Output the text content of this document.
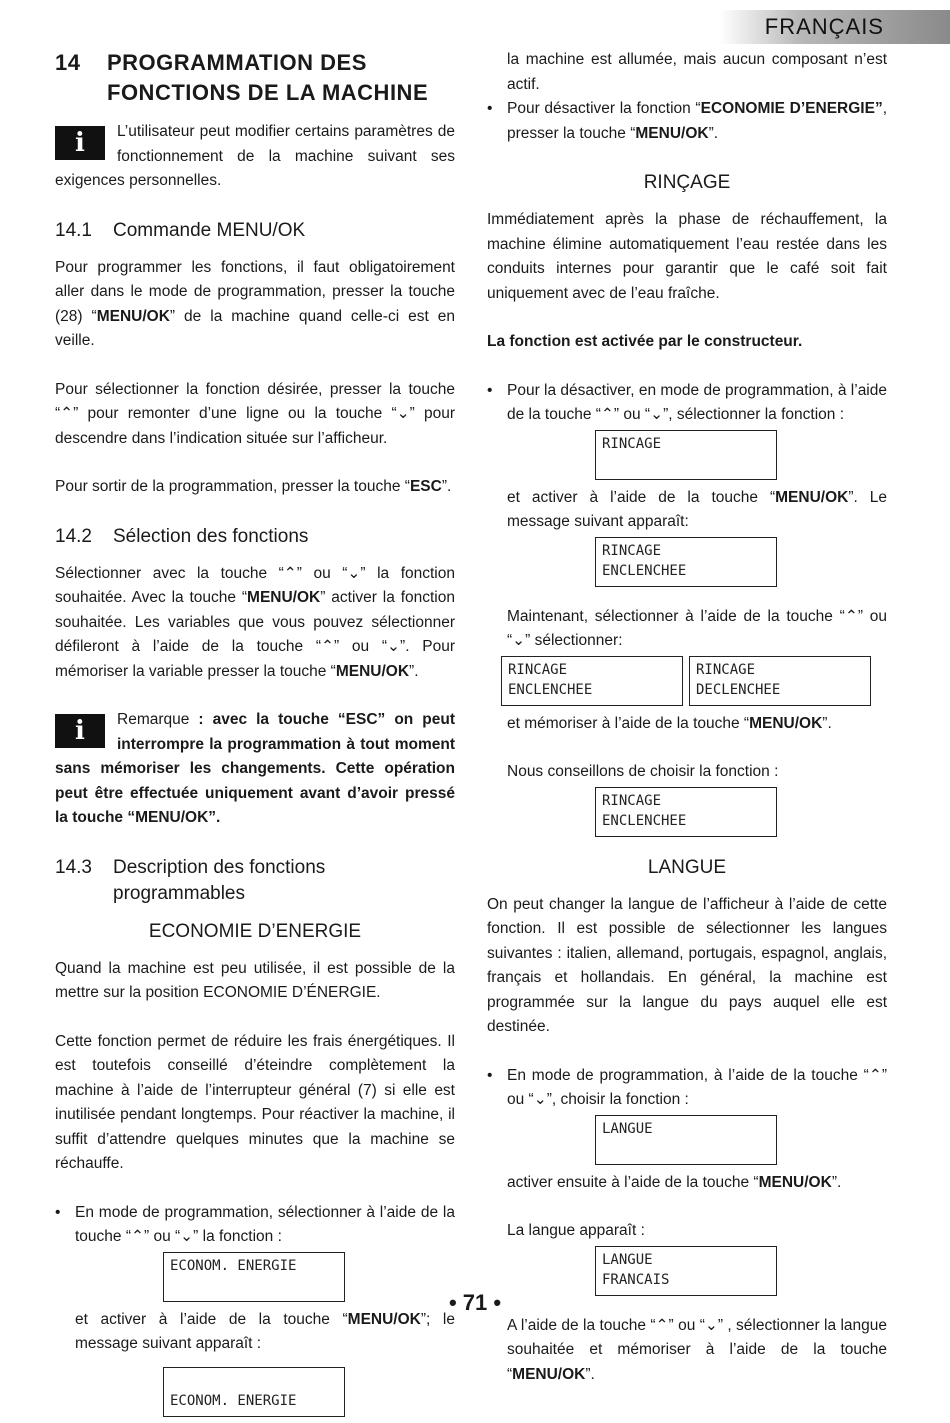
FRANÇAIS
14	PROGRAMMATION DES FONCTIONS DE LA MACHINE

i	L’utilisateur peut modifier certains paramètres de fonctionnement de la machine suivant ses exigences personnelles.

14.1	Commande MENU/OK

Pour programmer les fonctions, il faut obligatoirement aller dans le mode de programmation, presser la touche (28) “MENU/OK” de la machine quand celle-ci est en veille.

Pour sélectionner la fonction désirée, presser la touche “⌃” pour remonter d’une ligne ou la touche “⌄” pour descendre dans l’indication située sur l’afficheur.

Pour sortir de la programmation, presser la touche “ESC”.

14.2	Sélection des fonctions

Sélectionner avec la touche “⌃” ou “⌄” la fonction souhaitée. Avec la touche “MENU/OK” activer la fonction souhaitée. Les variables que vous pouvez sélectionner défileront à l’aide de la touche “⌃” ou “⌄”. Pour mémoriser la variable presser la touche “MENU/OK”.

i	Remarque : avec la touche “ESC” on peut interrompre la programmation à tout moment sans mémoriser les changements. Cette opération peut être effectuée uniquement avant d’avoir pressé la touche “MENU/OK”.

14.3	Description des fonctions programmables
ECONOMIE D’ENERGIE

Quand la machine est peu utilisée, il est possible de la mettre sur la position ECONOMIE D’ÉNERGIE.

Cette fonction permet de réduire les frais énergétiques. Il est toutefois conseillé d’éteindre complètement la machine à l’aide de l’interrupteur général (7) si elle est inutilisée pendant longtemps. Pour réactiver la machine, il suffit d’attendre quelques minutes que la machine se réchauffe.

• En mode de programmation, sélectionner à l’aide de la touche “⌃” ou “⌄” la fonction :

ECONOM. ENERGIE

et activer à l’aide de la touche “MENU/OK”; le message suivant apparaît :

ECONOM. ENERGIE

la machine est allumée, mais aucun composant n’est actif.

• Pour désactiver la fonction “ECONOMIE D’ENERGIE”, presser la touche “MENU/OK”.

RINÇAGE

Immédiatement après la phase de réchauffement, la machine élimine automatiquement l’eau restée dans les conduits internes pour garantir que le café soit fait uniquement avec de l’eau fraîche.

La fonction est activée par le constructeur.

• Pour la désactiver, en mode de programmation, à l’aide de la touche “⌃” ou “⌄”, sélectionner la fonction :

RINCAGE

et activer à l’aide de la touche “MENU/OK”. Le message suivant apparaît:

RINCAGE
ENCLENCHEE

Maintenant, sélectionner à l’aide de la touche “⌃” ou “⌄” sélectionner:

RINCAGE
ENCLENCHEE
RINCAGE
DECLENCHEE

et mémoriser à l’aide de la touche “MENU/OK”.

Nous conseillons de choisir la fonction :

RINCAGE
ENCLENCHEE
LANGUE

On peut changer la langue de l’afficheur à l’aide de cette fonction. Il est possible de sélectionner les langues suivantes : italien, allemand, portugais, espagnol, anglais, français et hollandais. En général, la machine est programmée sur la langue du pays auquel elle est destinée.

• En mode de programmation, à l’aide de la touche “⌃” ou “⌄”, choisir la fonction :

LANGUE

activer ensuite à l’aide de la touche “MENU/OK”.

La langue apparaît :

LANGUE
FRANCAIS

A l’aide de la touche “⌃” ou “⌄” , sélectionner la langue souhaitée et mémoriser à l’aide de la touche “MENU/OK”.

• 71 •
